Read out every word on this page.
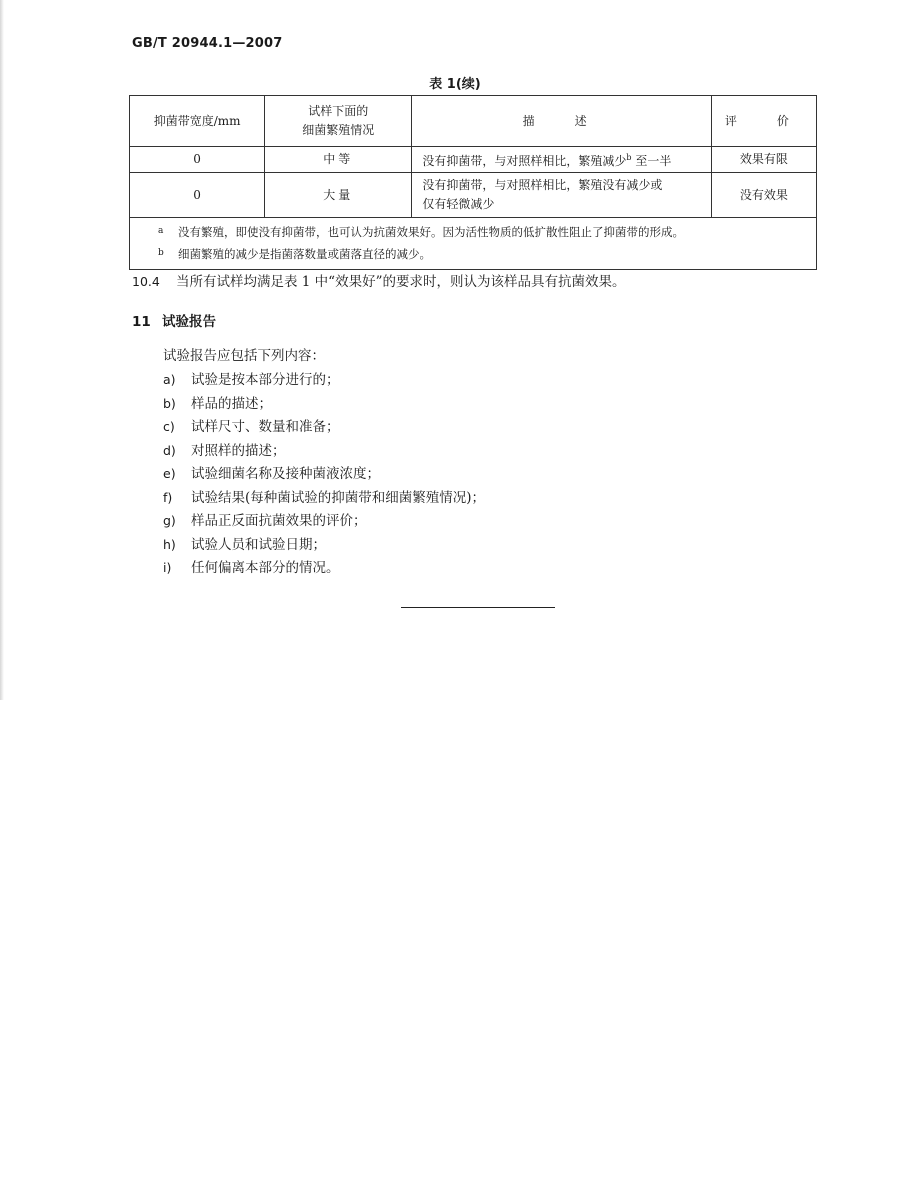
GB/T 20944.1—2007
表 1(续)
抑菌带宽度/mm	试样下面的
细菌繁殖情况	描　述	评　价
0	中等	没有抑菌带，与对照样相比，繁殖减少$^b$ 至一半	效果有限
0	大量	没有抑菌带，与对照样相比，繁殖没有减少或
仅有轻微减少	没有效果

a 没有繁殖，即使没有抑菌带，也可认为抗菌效果好。因为活性物质的低扩散性阻止了抑菌带的形成。
b 细菌繁殖的减少是指菌落数量或菌落直径的减少。			
10.4 当所有试样均满足表 1 中“效果好”的要求时，则认为该样品具有抗菌效果。
11 试验报告
试验报告应包括下列内容：
a) 试验是按本部分进行的；
b) 样品的描述；
c) 试样尺寸、数量和准备；
d) 对照样的描述；
e) 试验细菌名称及接种菌液浓度；
f) 试验结果(每种菌试验的抑菌带和细菌繁殖情况)；
g) 样品正反面抗菌效果的评价；
h) 试验人员和试验日期；
i) 任何偏离本部分的情况。
